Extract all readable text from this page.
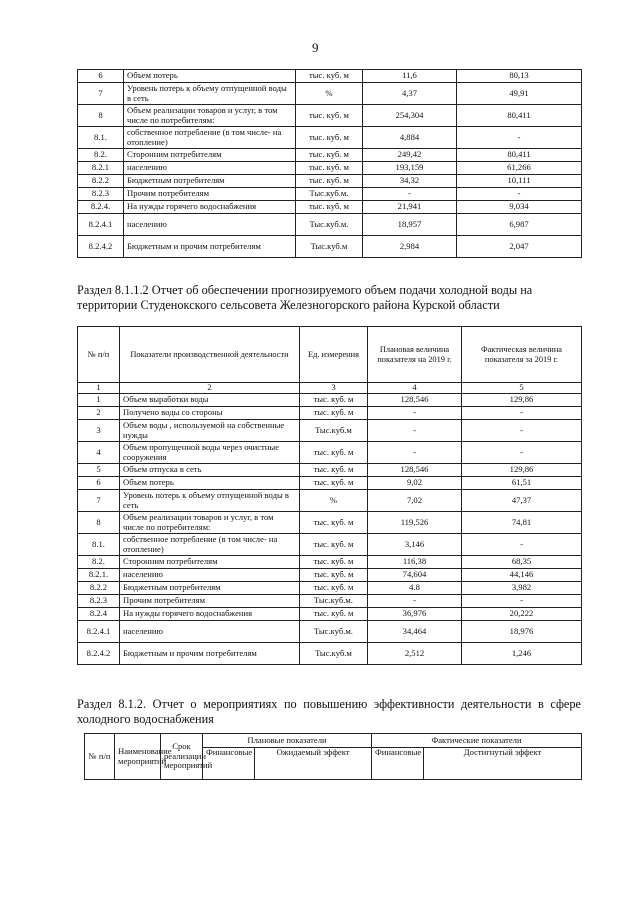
9
6	Объем потерь	тыс. куб. м	11,6	80,13
7	Уровень потерь к объему отпущенной воды в сеть	%	4,37	49,91
8	Объем реализации товаров и услуг, в том числе по потребителям:	тыс. куб. м	254,304	80,411
8.1.	собственное потребление (в том числе- на отопление)	тыс. куб. м	4,884	-
8.2.	Сторонним потребителям	тыс. куб. м	249,42	80,411
8.2.1	населению	тыс. куб. м	193,159	61,266
8.2.2	Бюджетным потребителям	тыс. куб. м	34,32	10,111
8.2.3	Прочим потребителям	Тыс.куб.м.	-	-
8.2.4.	На нужды горячего водоснабжения	тыс. куб. м	21,941	9,034
8.2.4.1	населению	Тыс.куб.м.	18,957	6,987
8.2.4.2	Бюджетным и прочим потребителям	Тыс.куб.м	2,984	2,047
Раздел 8.1.1.2 Отчет об обеспечении прогнозируемого объем подачи холодной воды на территории Студенокского сельсовета Железногорского района Курской области
№ п/п	Показатели производственной деятельности	Ед. измерения	Плановая величина показателя на 2019 г.	Фактическая величина показателя за 2019 г.
1	2	3	4	5
1	Объем выработки воды	тыс. куб. м	128,546	129,86
2	Получено воды со стороны	тыс. куб. м	-	-
3	Объем воды , используемой на собственные нужды	Тыс.куб.м	-	-
4	Объем пропущенной воды через очистные сооружения	тыс. куб. м	-	-
5	Объем отпуска в сеть	тыс. куб. м	128,546	129,86
6	Объем потерь	тыс. куб. м	9,02	61,51
7	Уровень потерь к объему отпущенной воды в сеть	%	7,02	47,37
8	Объем реализации товаров и услуг, в том числе по потребителям:	тыс. куб. м	119,526	74,81
8.1.	собственное потребление (в том числе- на отопление)	тыс. куб. м	3,146	-
8.2.	Сторонним потребителям	тыс. куб. м	116,38	68,35
8.2.1.	населению	тыс. куб. м	74,604	44,146
8.2.2	Бюджетным потребителям	тыс. куб. м	4.8	3,982
8.2.3	Прочим потребителям	Тыс.куб.м.	-	-
8.2.4	На нужды горячего водоснабжения	тыс. куб. м	36,976	20,222
8.2.4.1	населению	Тыс.куб.м.	34,464	18,976
8.2.4.2	Бюджетным и прочим потребителям	Тыс.куб.м	2,512	1,246
Раздел 8.1.2. Отчет о мероприятиях по повышению эффективности деятельности в сфере холодного водоснабжения
№ п/п	Наименование мероприятий	Срок реализации мероприятий	Плановые показатели		Фактические показатели	
			Финансовые	Ожидаемый эффект	Финансовые	Достигнутый эффект
